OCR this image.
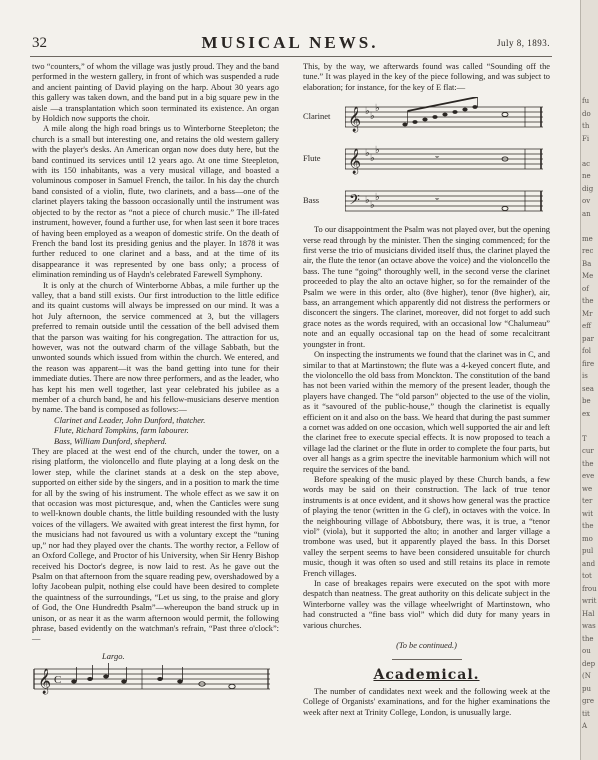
32	MUSICAL NEWS.	July 8, 1893.

two “counters,” of whom the village was justly proud. They and the band performed in the western gallery, in front of which was suspended a rude and ancient painting of David playing on the harp. About 30 years ago this gallery was taken down, and the band put in a big square pew in the aisle —a transplantation which soon terminated its existence. An organ by Holdich now supports the choir.

A mile along the high road brings us to Winterborne Steepleton; the church is a small but interesting one, and retains the old western gallery with the player's desks. An American organ now does duty here, but the band continued its services until 12 years ago. At one time Steepleton, with its 150 inhabitants, was a very musical village, and boasted a voluminous composer in Samuel French, the tailor. In his day the church band consisted of a violin, flute, two clarinets, and a bass—one of the clarinet players taking the bassoon occasionally until the instrument was objected to by the rector as “not a piece of church music.” The ill-fated instrument, however, found a further use, for when last seen it bore traces of having been employed as a weapon of domestic strife. On the death of French the band lost its presiding genius and the player. In 1878 it was further reduced to one clarinet and a bass, and at the time of its disappearance it was represented by one bass only; a process of elimination reminding us of Haydn's celebrated Farewell Symphony.

It is only at the church of Winterborne Abbas, a mile further up the valley, that a band still exists. Our first introduction to the little edifice and its quaint customs will always be impressed on our mind. It was a hot July afternoon, the service commenced at 3, but the villagers preferred to remain outside until the cessation of the bell advised them that the parson was waiting for his congregation. The attraction for us, however, was not the outward charm of the village Sabbath, but the unwonted sounds which issued from within the church. We entered, and the reason was apparent—it was the band getting into tune for their immediate duties. There are now three performers, and as the leader, who has kept his men well together, last year celebrated his jubilee as a member of a church band, he and his fellow-musicians deserve mention by name. The band is composed as follows:—

Clarinet and Leader, John Dunford, thatcher.

Flute, Richard Tompkins, farm labourer.

Bass, William Dunford, shepherd.

They are placed at the west end of the church, under the tower, on a rising platform, the violoncello and flute playing at a long desk on the lower step, while the clarinet stands at a desk on the step above, supported on either side by the singers, and in a position to mark the time for all by the swing of his instrument. The whole effect as we saw it on that occasion was most picturesque, and, when the Canticles were sung to well-known double chants, the little building resounded with the lusty voices of the villagers. We awaited with great interest the first hymn, for the musicians had not favoured us with a voluntary except the “tuning up,” nor had they played over the chants. The worthy rector, a Fellow of an Oxford College, and Proctor of his University, when Sir Henry Bishop received his Doctor's degree, is now laid to rest. As he gave out the Psalm on that afternoon from the square reading pew, overshadowed by a lofty Jacobean pulpit, nothing else could have been desired to complete the quaintness of the surroundings, “Let us sing, to the praise and glory of God, the One Hundredth Psalm”—whereupon the band struck up in unison, or as near it as the warm afternoon would permit, the following phrase, based evidently on the watchman's refrain, “Past three o'clock”:—

Largo.
𝄞 C

This, by the way, we afterwards found was called “Sounding off the tune.” It was played in the key of the piece following, and was subject to elaboration; for instance, for the key of E flat:—

Clarinet 𝄞 ♭ ♭
♭
Flute	𝄞 ♭ ♭
♭
𝄻
Bass	𝄢 ♭ ♭
♭	𝄻

To our disappointment the Psalm was not played over, but the opening verse read through by the minister. Then the singing commenced; for the first verse the trio of musicians divided itself thus, the clarinet played the air, the flute the tenor (an octave above the voice) and the violoncello the bass. The tune “going” thoroughly well, in the second verse the clarinet proceeded to play the alto an octave higher, so for the remainder of the Psalm we were in this order, alto (8ve higher), tenor (8ve higher), air, bass, an arrangement which apparently did not distress the performers or disconcert the singers. The clarinet, moreover, did not forget to add such grace notes as the words required, with an occasional low “Chalumeau” note and an equally occasional tap on the head of some recalcitrant youngster in front.

On inspecting the instruments we found that the clarinet was in C, and similar to that at Martinstown; the flute was a 4-keyed concert flute, and the violoncello the old bass from Monckton. The constitution of the band has not been varied within the memory of the present leader, though the players have changed. The “old parson” objected to the use of the violin, as it “savoured of the public-house,” though the clarinetist is equally efficient on it and also on the bass. We heard that during the past summer a cornet was added on one occasion, which well supported the air and left the clarinet free to execute special effects. It is now proposed to teach a village lad the clarinet or the flute in order to complete the four parts, but over all hangs as a grim spectre the inevitable harmonium which will not require the services of the band.

Before speaking of the music played by these Church bands, a few words may be said on their construction. The lack of true tenor instruments is at once evident, and it shows how general was the practice of playing the tenor (written in the G clef), in octaves with the voice. In the neighbouring village of Abbotsbury, there was, it is true, a “tenor viol” (viola), but it supported the alto; in another and larger village a trombone was used, but it apparently played the bass. In this Dorset valley the serpent seems to have been considered unsuitable for church music, though it was often so used and still retains its place in remote French villages.

In case of breakages repairs were executed on the spot with more despatch than neatness. The great authority on this delicate subject in the Winterborne valley was the village wheelwright of Martinstown, who had constructed a “fine bass viol” which did duty for many years in various churches.

(To be continued.)
Academical.

The number of candidates next week and the following week at the College of Organists' examinations, and for the higher examinations the week after next at Trinity College, London, is unusually large.

fu
do
th
Fi

ac
ne
dig
ov
an

me
rec
Ba
Me
of
the
Mr
eff
par
fol
fire
is
sea
be
ex

T
cur
the
eve
we
ter
wit
the
mo
pul
and
tot
frou
writ
Hal
was
the
ou
dep
(N
pu
gre
tit
A
